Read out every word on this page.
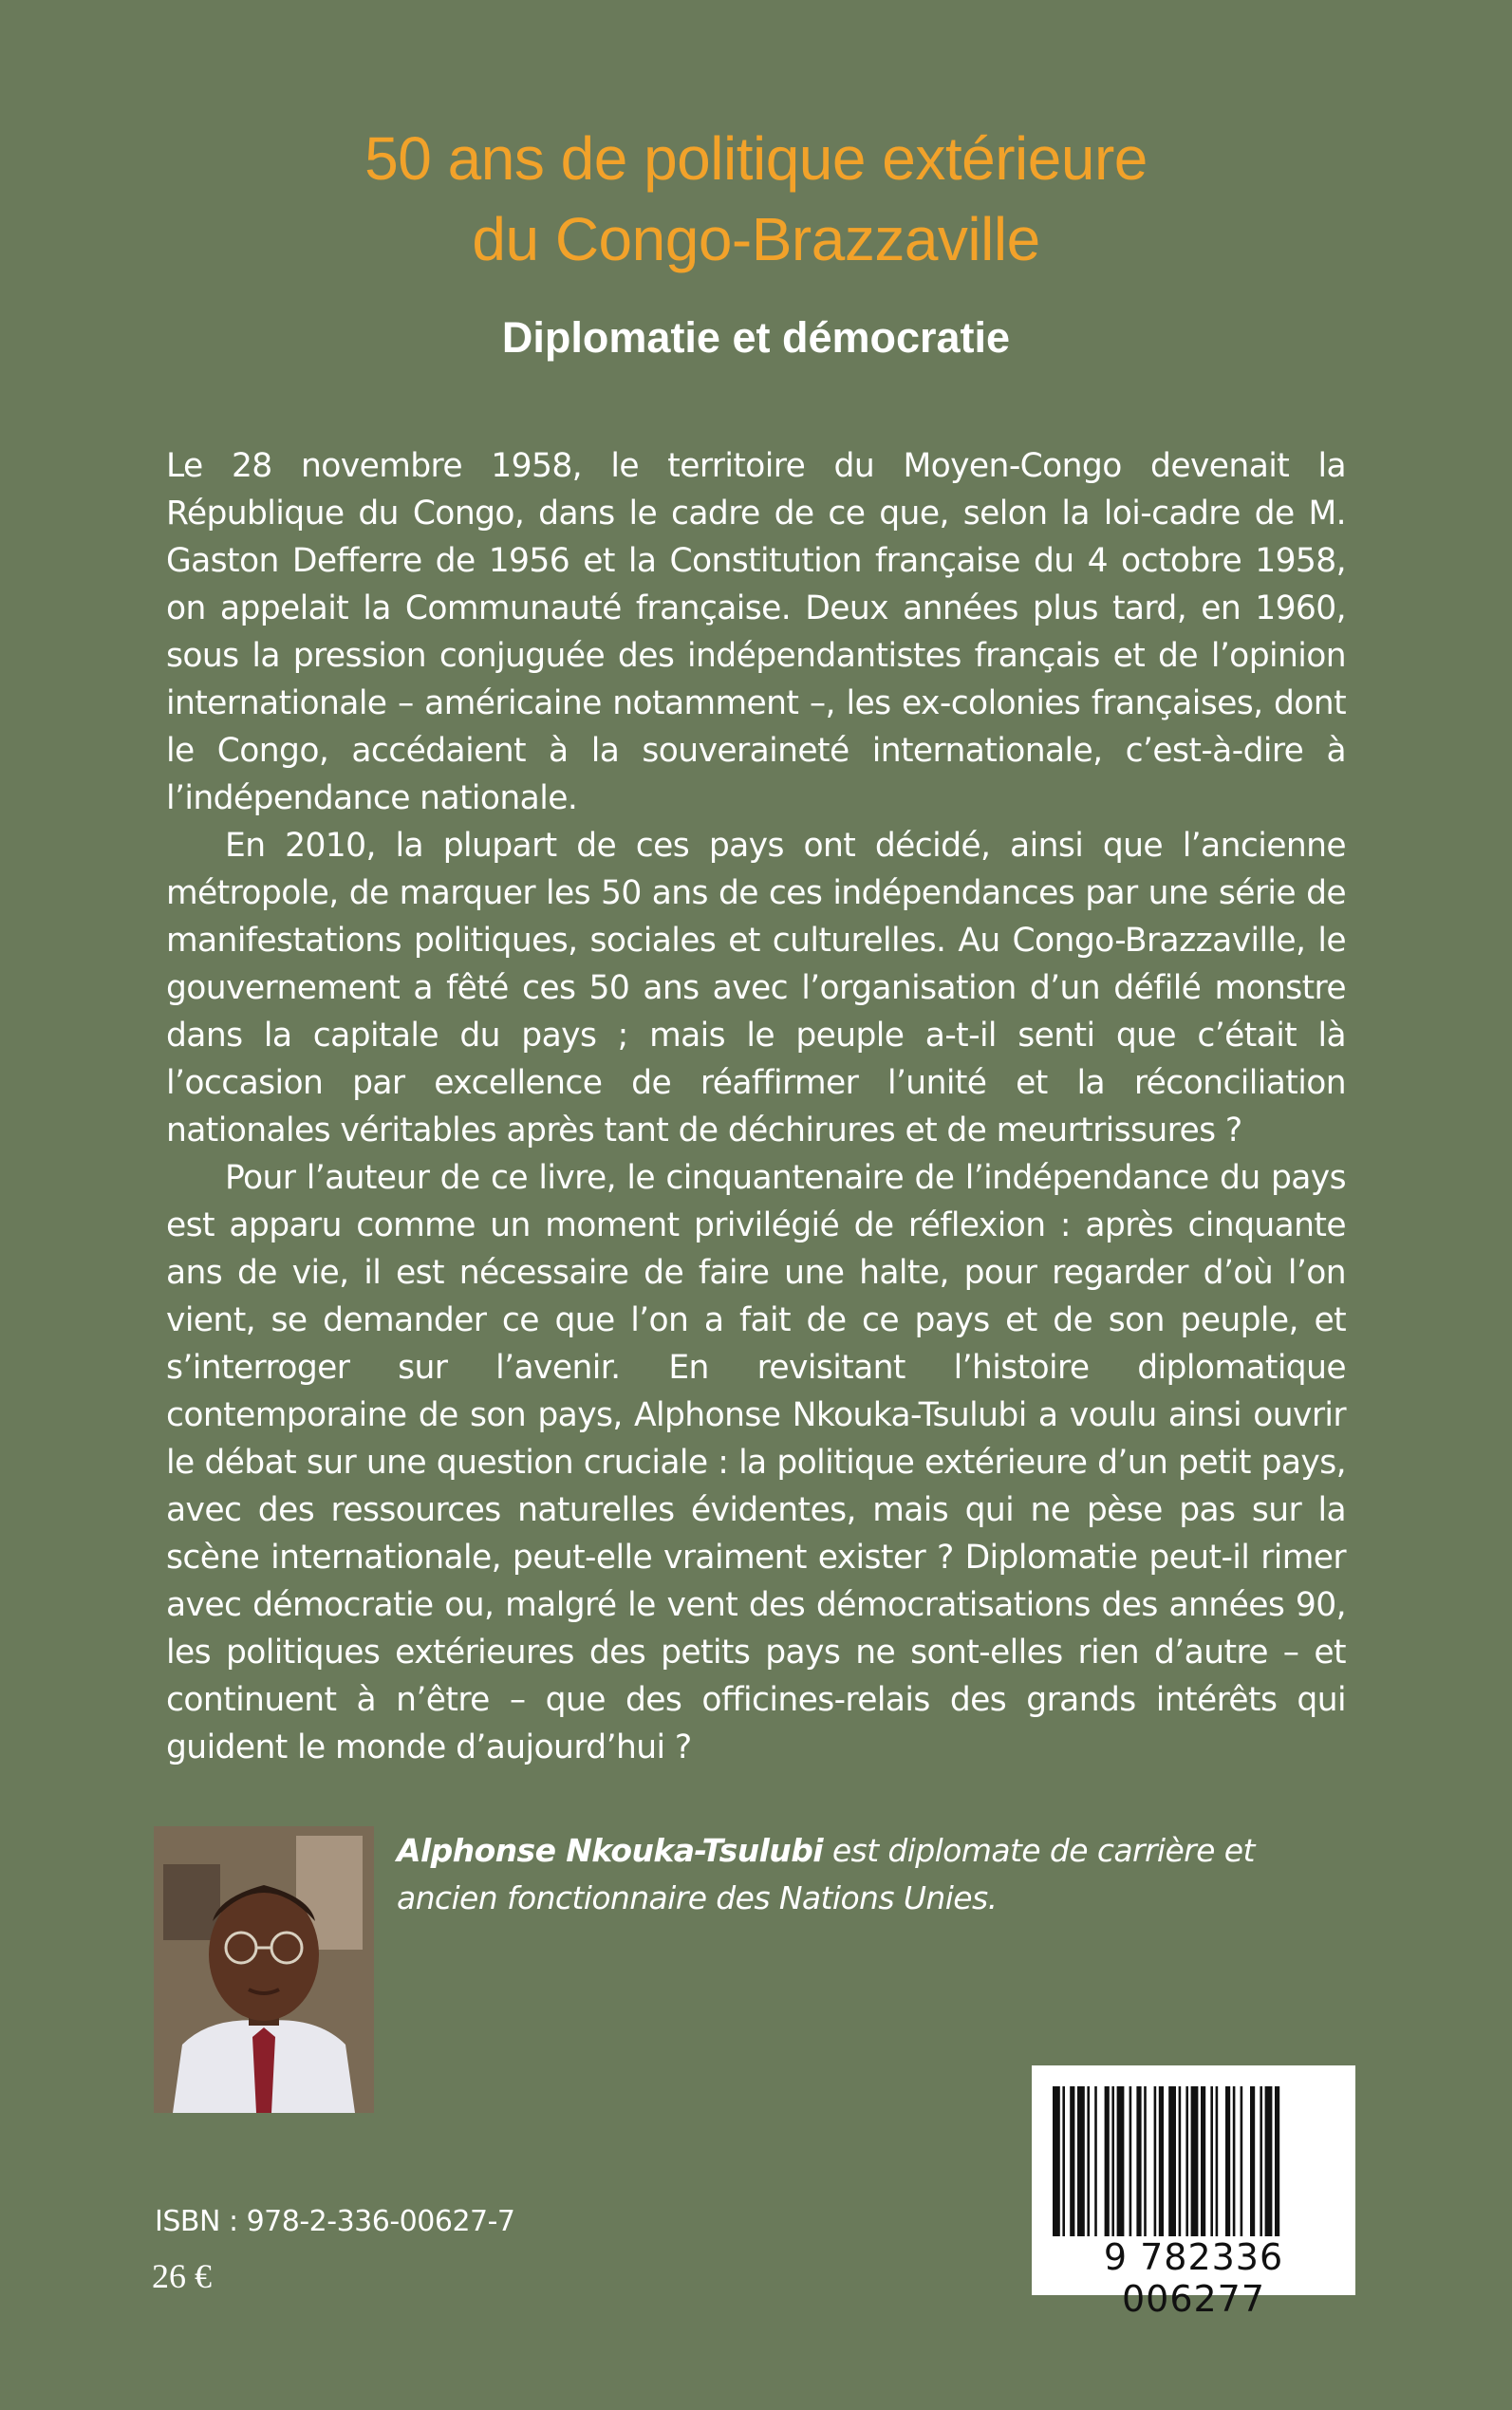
50 ans de politique extérieure
du Congo-Brazzaville
Diplomatie et démocratie

Le 28 novembre 1958, le territoire du Moyen-Congo devenait la République du Congo, dans le cadre de ce que, selon la loi-cadre de M. Gaston Defferre de 1956 et la Constitution française du 4 octobre 1958, on appelait la Communauté française. Deux années plus tard, en 1960, sous la pression conjuguée des indépendantistes français et de l’opinion internationale – américaine notamment –, les ex-colonies françaises, dont le Congo, accédaient à la souveraineté internationale, c’est-à-dire à l’indépendance nationale.

En 2010, la plupart de ces pays ont décidé, ainsi que l’ancienne métropole, de marquer les 50 ans de ces indépendances par une série de manifestations politiques, sociales et culturelles. Au Congo-Brazzaville, le gouvernement a fêté ces 50 ans avec l’organisation d’un défilé monstre dans la capitale du pays ; mais le peuple a-t-il senti que c’était là l’occasion par excellence de réaffirmer l’unité et la réconciliation nationales véritables après tant de déchirures et de meurtrissures ?

Pour l’auteur de ce livre, le cinquantenaire de l’indépendance du pays est apparu comme un moment privilégié de réflexion : après cinquante ans de vie, il est nécessaire de faire une halte, pour regarder d’où l’on vient, se demander ce que l’on a fait de ce pays et de son peuple, et s’interroger sur l’avenir. En revisitant l’histoire diplomatique contemporaine de son pays, Alphonse Nkouka-Tsulubi a voulu ainsi ouvrir le débat sur une question cruciale : la politique extérieure d’un petit pays, avec des ressources naturelles évidentes, mais qui ne pèse pas sur la scène internationale, peut-elle vraiment exister ? Diplomatie peut-il rimer avec démocratie ou, malgré le vent des démocratisations des années 90, les politiques extérieures des petits pays ne sont-elles rien d’autre – et continuent à n’être – que des officines-relais des grands intérêts qui guident le monde d’aujourd’hui ?

Alphonse Nkouka-Tsulubi est diplomate de carrière et ancien fonctionnaire des Nations Unies.
ISBN : 978-2-336-00627-7
26 €	9 782336 006277
